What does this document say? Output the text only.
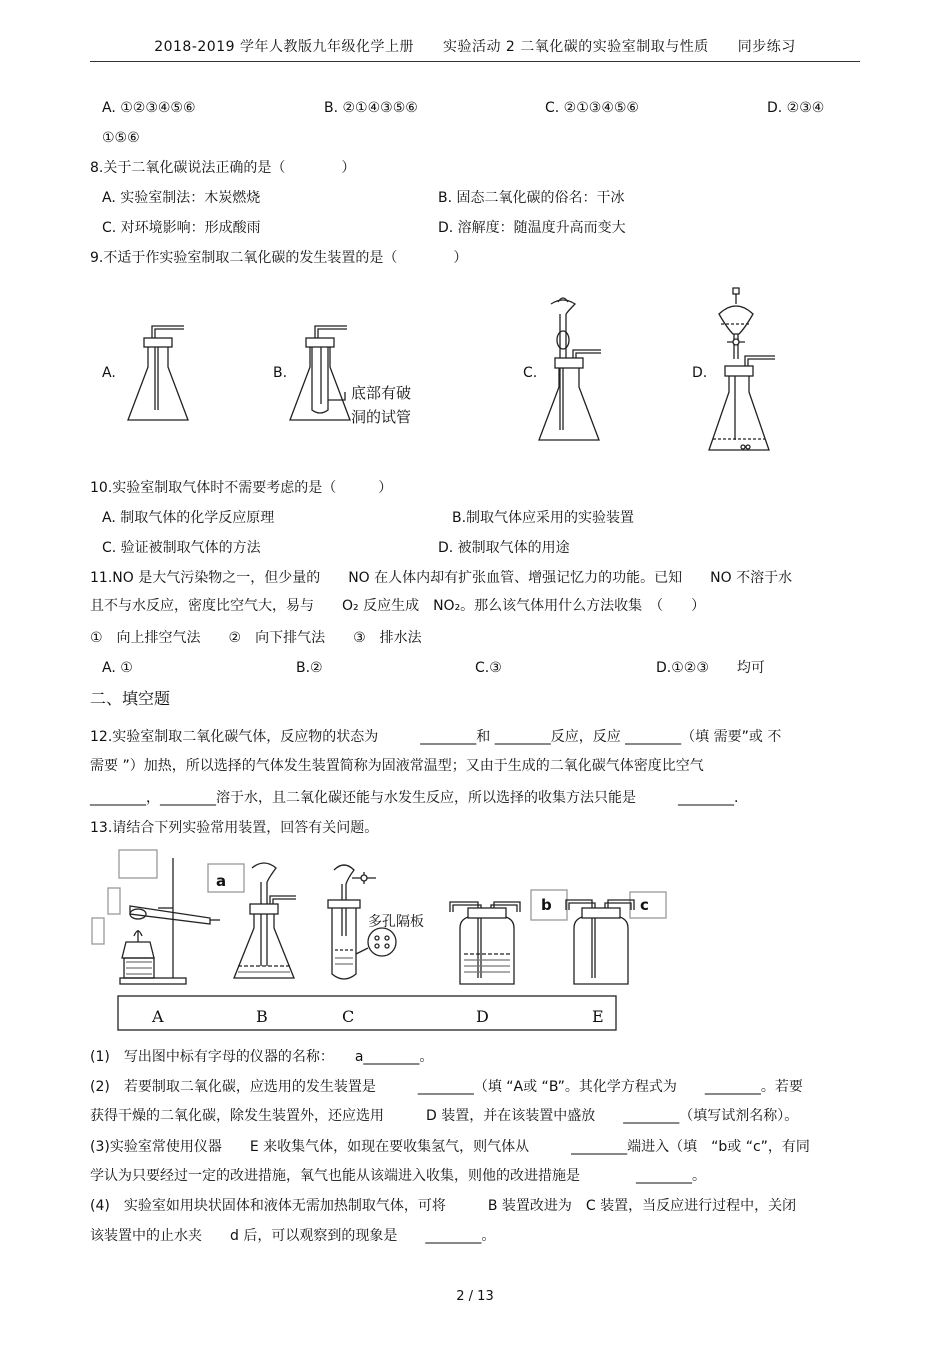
2018-2019 学年人教版九年级化学上册　　实验活动 2 二氧化碳的实验室制取与性质　　同步练习
A. ①②③④⑤⑥	B. ②①④③⑤⑥	C. ②①③④⑤⑥	D. ②③④
①⑤⑥
8.关于二氧化碳说法正确的是（　　　　）
A. 实验室制法：木炭燃烧	B. 固态二氧化碳的俗名：干冰
C. 对环境影响：形成酸雨	D. 溶解度：随温度升高而变大
9.不适于作实验室制取二氧化碳的发生装置的是（　　　　）
A.	B.	C.	D.
底部有破
洞的试管
10.实验室制取气体时不需要考虑的是（　　　）
A. 制取气体的化学反应原理	B.制取气体应采用的实验装置
C. 验证被制取气体的方法	D. 被制取气体的用途
11.NO 是大气污染物之一，但少量的　　NO 在人体内却有扩张血管、增强记忆力的功能。已知　　NO 不溶于水
且不与水反应，密度比空气大，易与　　O₂ 反应生成　NO₂。那么该气体用什么方法收集　（　　）
①　向上排空气法　　②　向下排气法　　③　排水法
A. ①	B.②	C.③	D.①②③　　均可
二、填空题
12.实验室制取二氧化碳气体，反应物的状态为　　　________和 ________反应，反应 ________（填 需要”或 不
需要 ”）加热，所以选择的气体发生装置简称为固液常温型；又由于生成的二氧化碳气体密度比空气
________，________溶于水，且二氧化碳还能与水发生反应，所以选择的收集方法只能是　　　________.
13.请结合下列实验常用装置，回答有关问题。
a
b	c
多孔隔板
A	B	C	D	E
(1)　写出图中标有字母的仪器的名称：　　a________。
(2)　若要制取二氧化碳，应选用的发生装置是　　　________（填 “A或 “B”。其化学方程式为　　________。若要
获得干燥的二氧化碳，除发生装置外，还应选用　　　D 装置，并在该装置中盛放　　________（填写试剂名称）。
(3)实验室常使用仪器　　E 来收集气体，如现在要收集氢气，则气体从　　　________端进入（填　“b或 “c”，有同
学认为只要经过一定的改进措施，氧气也能从该端进入收集，则他的改进措施是　　　　________。
(4)　实验室如用块状固体和液体无需加热制取气体，可将　　　B 装置改进为　C 装置，当反应进行过程中，关闭
该装置中的止水夹　　d 后，可以观察到的现象是　　________。
2 / 13
